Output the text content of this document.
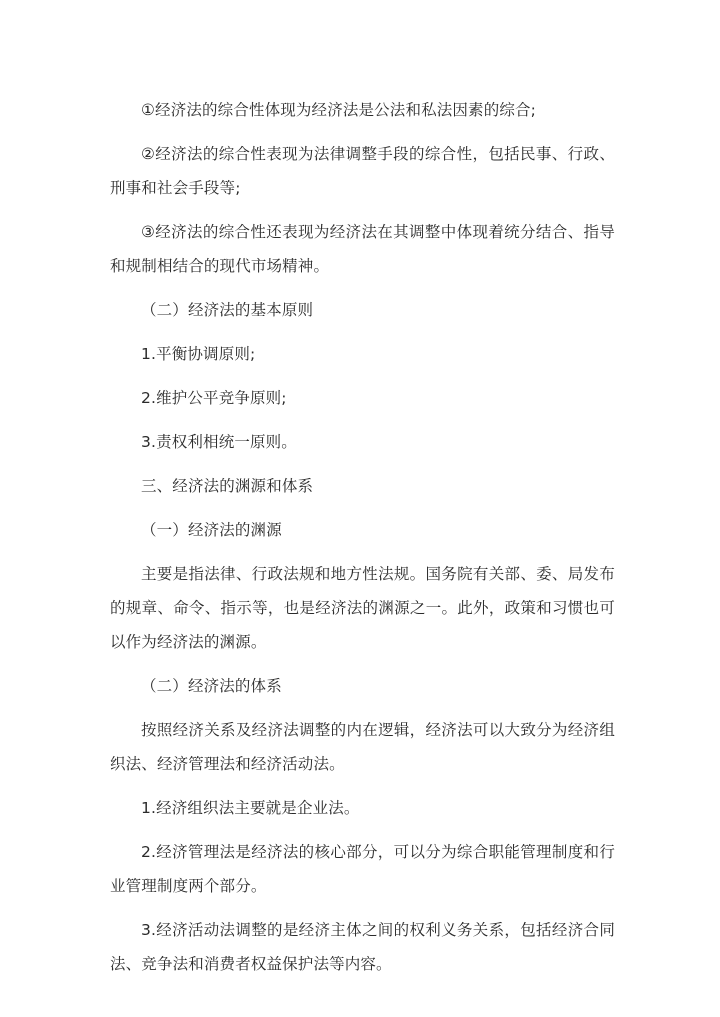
①经济法的综合性体现为经济法是公法和私法因素的综合;

②经济法的综合性表现为法律调整手段的综合性，包括民事、行政、刑事和社会手段等;

③经济法的综合性还表现为经济法在其调整中体现着统分结合、指导和规制相结合的现代市场精神。

（二）经济法的基本原则

1.平衡协调原则;

2.维护公平竞争原则;

3.责权利相统一原则。

三、经济法的渊源和体系

（一）经济法的渊源

主要是指法律、行政法规和地方性法规。国务院有关部、委、局发布的规章、命令、指示等，也是经济法的渊源之一。此外，政策和习惯也可以作为经济法的渊源。

（二）经济法的体系

按照经济关系及经济法调整的内在逻辑，经济法可以大致分为经济组织法、经济管理法和经济活动法。

1.经济组织法主要就是企业法。

2.经济管理法是经济法的核心部分，可以分为综合职能管理制度和行业管理制度两个部分。

3.经济活动法调整的是经济主体之间的权利义务关系，包括经济合同法、竞争法和消费者权益保护法等内容。
